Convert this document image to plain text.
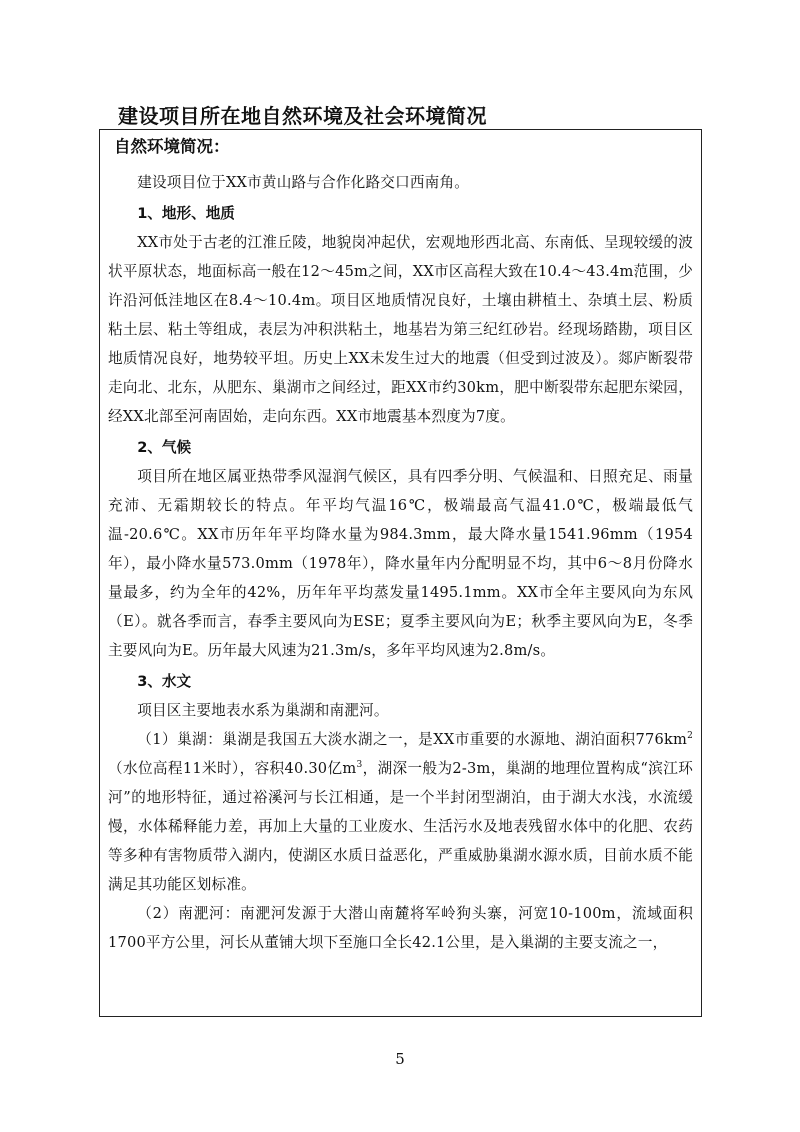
建设项目所在地自然环境及社会环境简况
自然环境简况：

建设项目位于XX市黄山路与合作化路交口西南角。

1、地形、地质

XX市处于古老的江淮丘陵，地貌岗冲起伏，宏观地形西北高、东南低、呈现较缓的波状平原状态，地面标高一般在12～45m之间，XX市区高程大致在10.4～43.4m范围，少许沿河低洼地区在8.4～10.4m。项目区地质情况良好，土壤由耕植土、杂填土层、粉质粘土层、粘土等组成，表层为冲积洪粘土，地基岩为第三纪红砂岩。经现场踏勘，项目区地质情况良好，地势较平坦。历史上XX未发生过大的地震（但受到过波及）。郯庐断裂带走向北、北东，从肥东、巢湖市之间经过，距XX市约30km，肥中断裂带东起肥东梁园，经XX北部至河南固始，走向东西。XX市地震基本烈度为7度。

2、气候

项目所在地区属亚热带季风湿润气候区，具有四季分明、气候温和、日照充足、雨量充沛、无霜期较长的特点。年平均气温16℃，极端最高气温41.0℃，极端最低气温-20.6℃。XX市历年年平均降水量为984.3mm，最大降水量1541.96mm（1954年），最小降水量573.0mm（1978年），降水量年内分配明显不均，其中6～8月份降水量最多，约为全年的42%，历年年平均蒸发量1495.1mm。XX市全年主要风向为东风（E）。就各季而言，春季主要风向为ESE；夏季主要风向为E；秋季主要风向为E，冬季主要风向为E。历年最大风速为21.3m/s，多年平均风速为2.8m/s。

3、水文

项目区主要地表水系为巢湖和南淝河。

（1）巢湖：巢湖是我国五大淡水湖之一，是XX市重要的水源地、湖泊面积$776km^2$（水位高程11米时），容积40.30亿$m^3$，湖深一般为2-3m，巢湖的地理位置构成“滨江环河”的地形特征，通过裕溪河与长江相通，是一个半封闭型湖泊，由于湖大水浅，水流缓慢，水体稀释能力差，再加上大量的工业废水、生活污水及地表残留水体中的化肥、农药等多种有害物质带入湖内，使湖区水质日益恶化，严重威胁巢湖水源水质，目前水质不能满足其功能区划标准。

（2）南淝河：南淝河发源于大潜山南麓将军岭狗头寨，河宽10-100m，流域面积1700平方公里，河长从董铺大坝下至施口全长42.1公里，是入巢湖的主要支流之一，

5
